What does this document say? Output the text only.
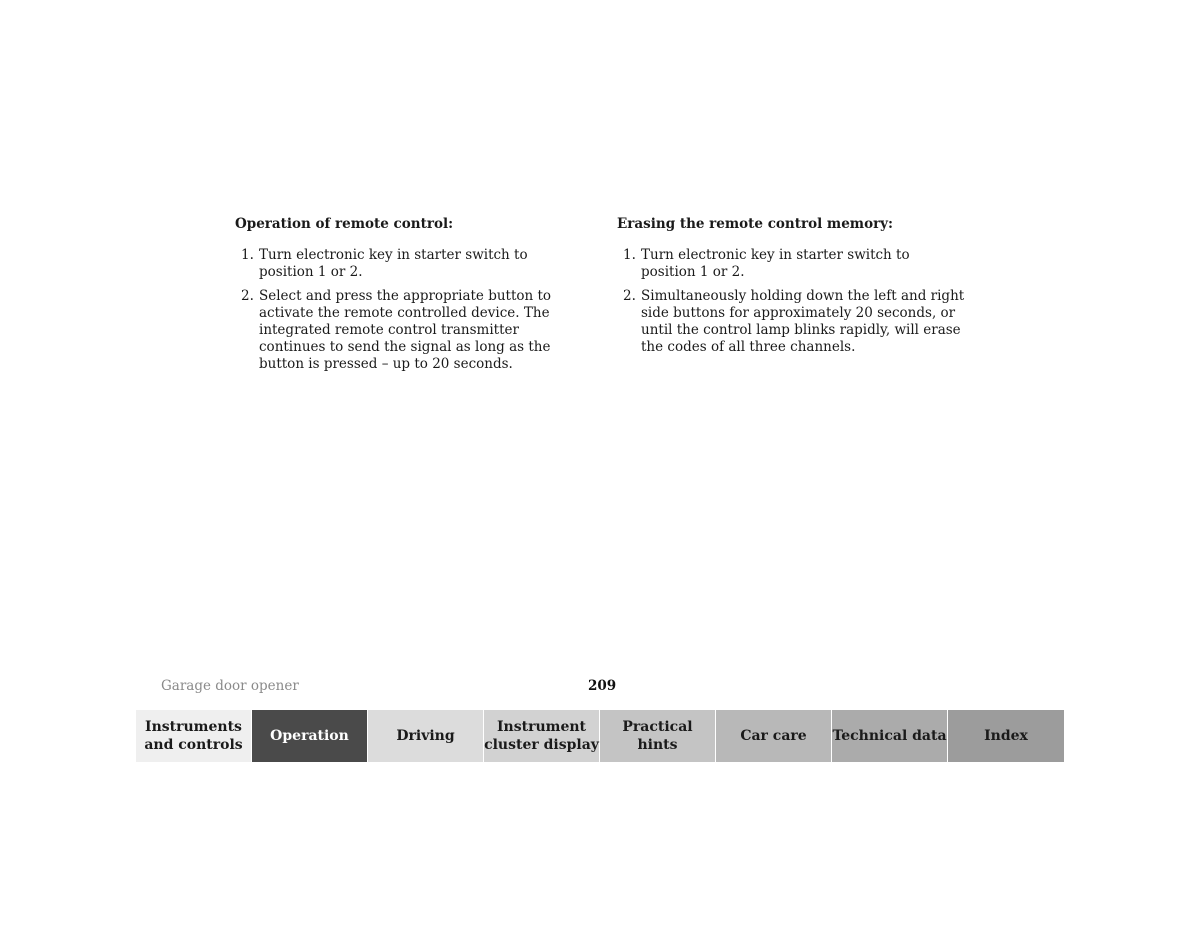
Operation of remote control:
1. Turn electronic key in starter switch to position 1 or 2.
2. Select and press the appropriate button to activate the remote controlled device. The integrated remote control transmitter continues to send the signal as long as the button is pressed – up to 20 seconds.
Erasing the remote control memory:
1. Turn electronic key in starter switch to position 1 or 2.
2. Simultaneously holding down the left and right side buttons for approximately 20 seconds, or until the control lamp blinks rapidly, will erase the codes of all three channels.
Garage door opener	209
Instruments and controls
Operation	Driving
Instrument cluster display
Practical hints
Car care Technical data	Index
